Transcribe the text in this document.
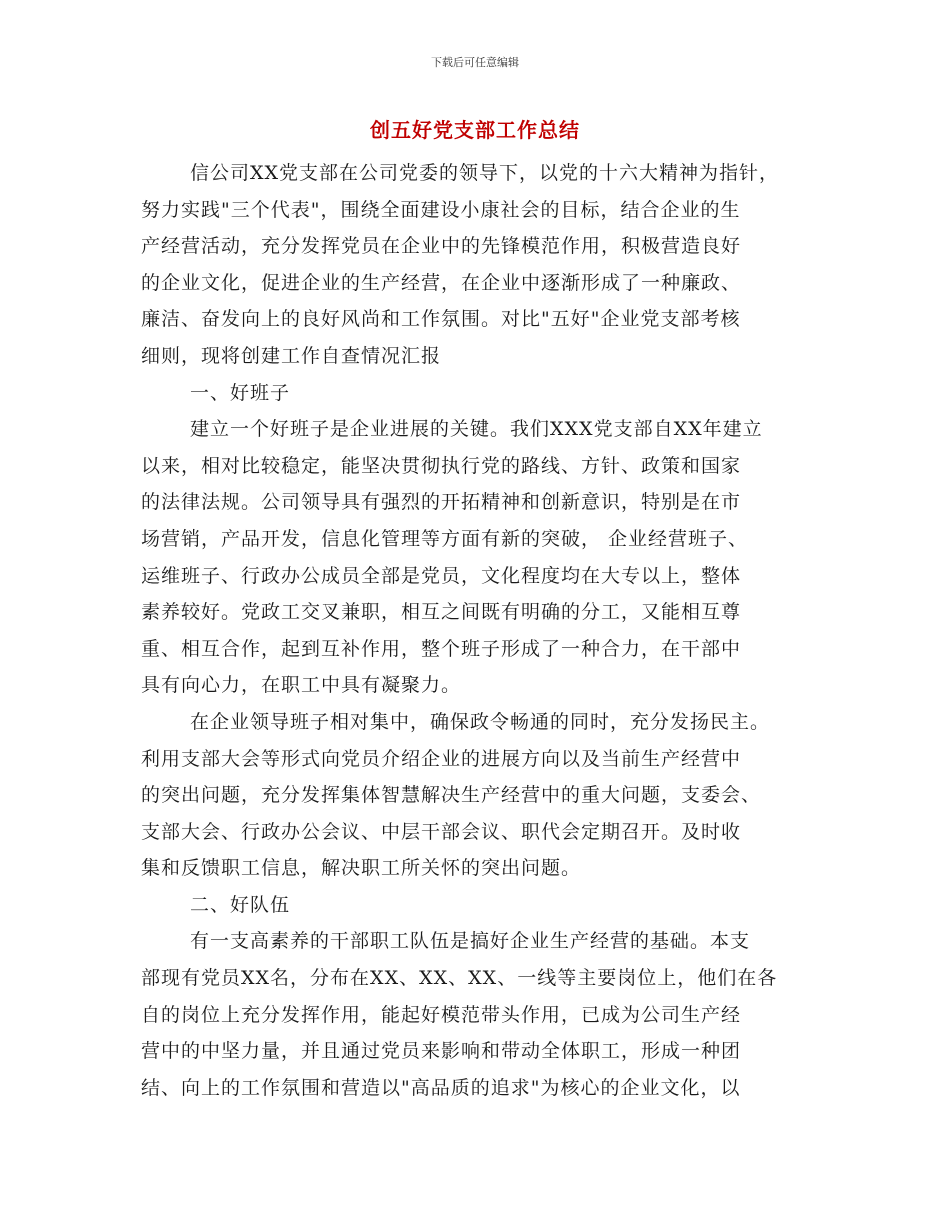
下载后可任意编辑
创五好党支部工作总结
信公司XX党支部在公司党委的领导下，以党的十六大精神为指针，
努力实践"三个代表"，围绕全面建设小康社会的目标，结合企业的生
产经营活动，充分发挥党员在企业中的先锋模范作用，积极营造良好
的企业文化，促进企业的生产经营，在企业中逐渐形成了一种廉政、
廉洁、奋发向上的良好风尚和工作氛围。对比"五好"企业党支部考核
细则，现将创建工作自查情况汇报
一、好班子
建立一个好班子是企业进展的关键。我们XXX党支部自XX年建立
以来，相对比较稳定，能坚决贯彻执行党的路线、方针、政策和国家
的法律法规。公司领导具有强烈的开拓精神和创新意识，特别是在市
场营销，产品开发，信息化管理等方面有新的突破， 企业经营班子、
运维班子、行政办公成员全部是党员，文化程度均在大专以上，整体
素养较好。党政工交叉兼职，相互之间既有明确的分工，又能相互尊
重、相互合作，起到互补作用，整个班子形成了一种合力，在干部中
具有向心力，在职工中具有凝聚力。
在企业领导班子相对集中，确保政令畅通的同时，充分发扬民主。
利用支部大会等形式向党员介绍企业的进展方向以及当前生产经营中
的突出问题，充分发挥集体智慧解决生产经营中的重大问题，支委会、
支部大会、行政办公会议、中层干部会议、职代会定期召开。及时收
集和反馈职工信息，解决职工所关怀的突出问题。
二、好队伍
有一支高素养的干部职工队伍是搞好企业生产经营的基础。本支
部现有党员XX名，分布在XX、XX、XX、一线等主要岗位上，他们在各
自的岗位上充分发挥作用，能起好模范带头作用，已成为公司生产经
营中的中坚力量，并且通过党员来影响和带动全体职工，形成一种团
结、向上的工作氛围和营造以"高品质的追求"为核心的企业文化，以
